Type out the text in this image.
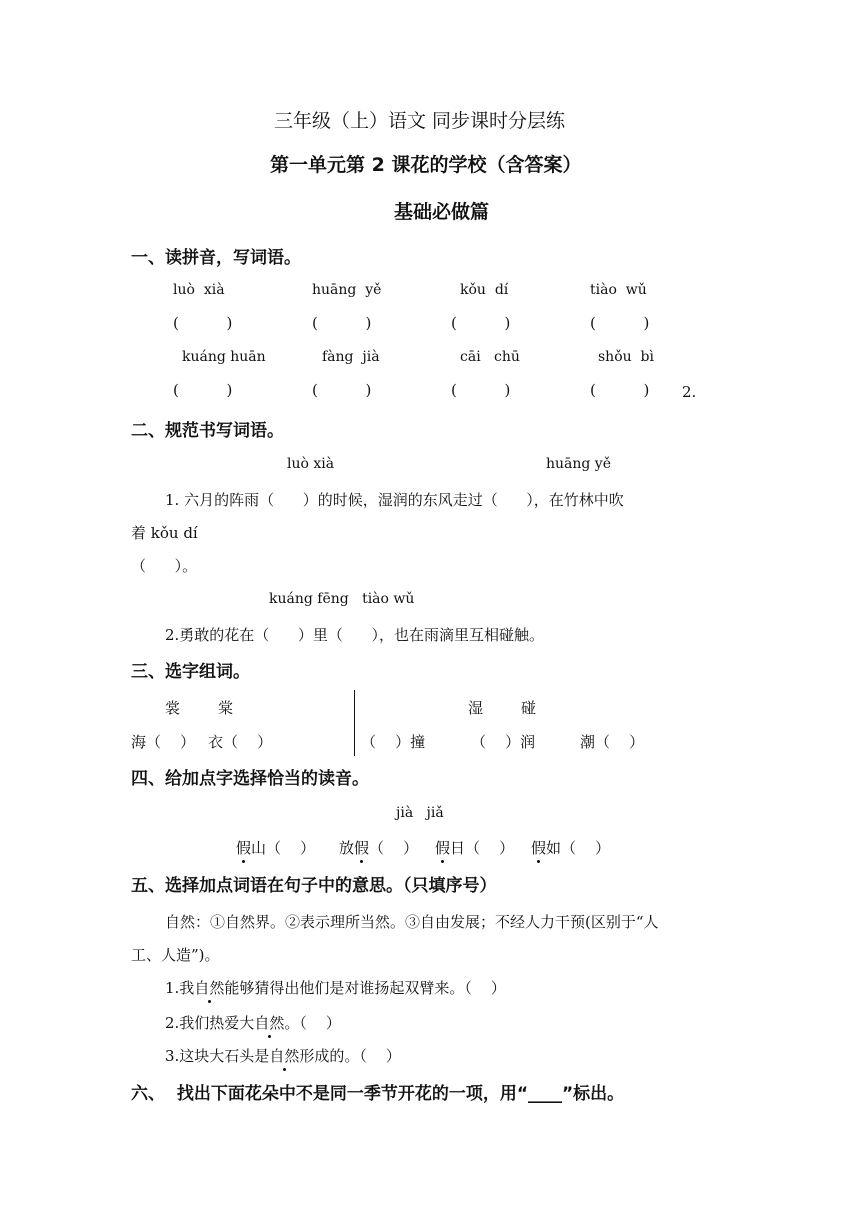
三年级（上）语文 同步课时分层练
第一单元第 2 课花的学校（含答案）
基础必做篇
一、读拼音，写词语。
luò  xià	huāng  yě	kǒu  dí	tiào  wǔ
(          )	(          )	(          )	(          )
kuáng huān	fàng  jià	cāi   chū	shǒu  bì
(          )	(          )	(          )	(          ) 2.
二、规范书写词语。
luò xià	huāng yě
1. 六月的阵雨（      ）的时候，湿润的东风走过（      ），在竹林中吹
着 kǒu dí
（      ）。
kuáng fēng   tiào wǔ
2.勇敢的花在（      ）里（      ），也在雨滴里互相碰触。
三、选字组词。
裳	棠
海（    ） 衣（    ）
湿	碰
（    ）撞	（    ）润	潮（    ）
四、给加点字选择恰当的读音。
jià   jiǎ
假山（    ） 放假（    ） 假日（    ） 假如（    ）
五、选择加点词语在句子中的意思。（只填序号）
自然：①自然界。②表示理所当然。③自由发展；不经人力干预(区别于“人
工、人造”)。
1.我自然能够猜得出他们是对谁扬起双臂来。（    ）
2.我们热爱大自然。（    ）
3.这块大石头是自然形成的。（    ）
六、  找出下面花朵中不是同一季节开花的一项，用“____”标出。
